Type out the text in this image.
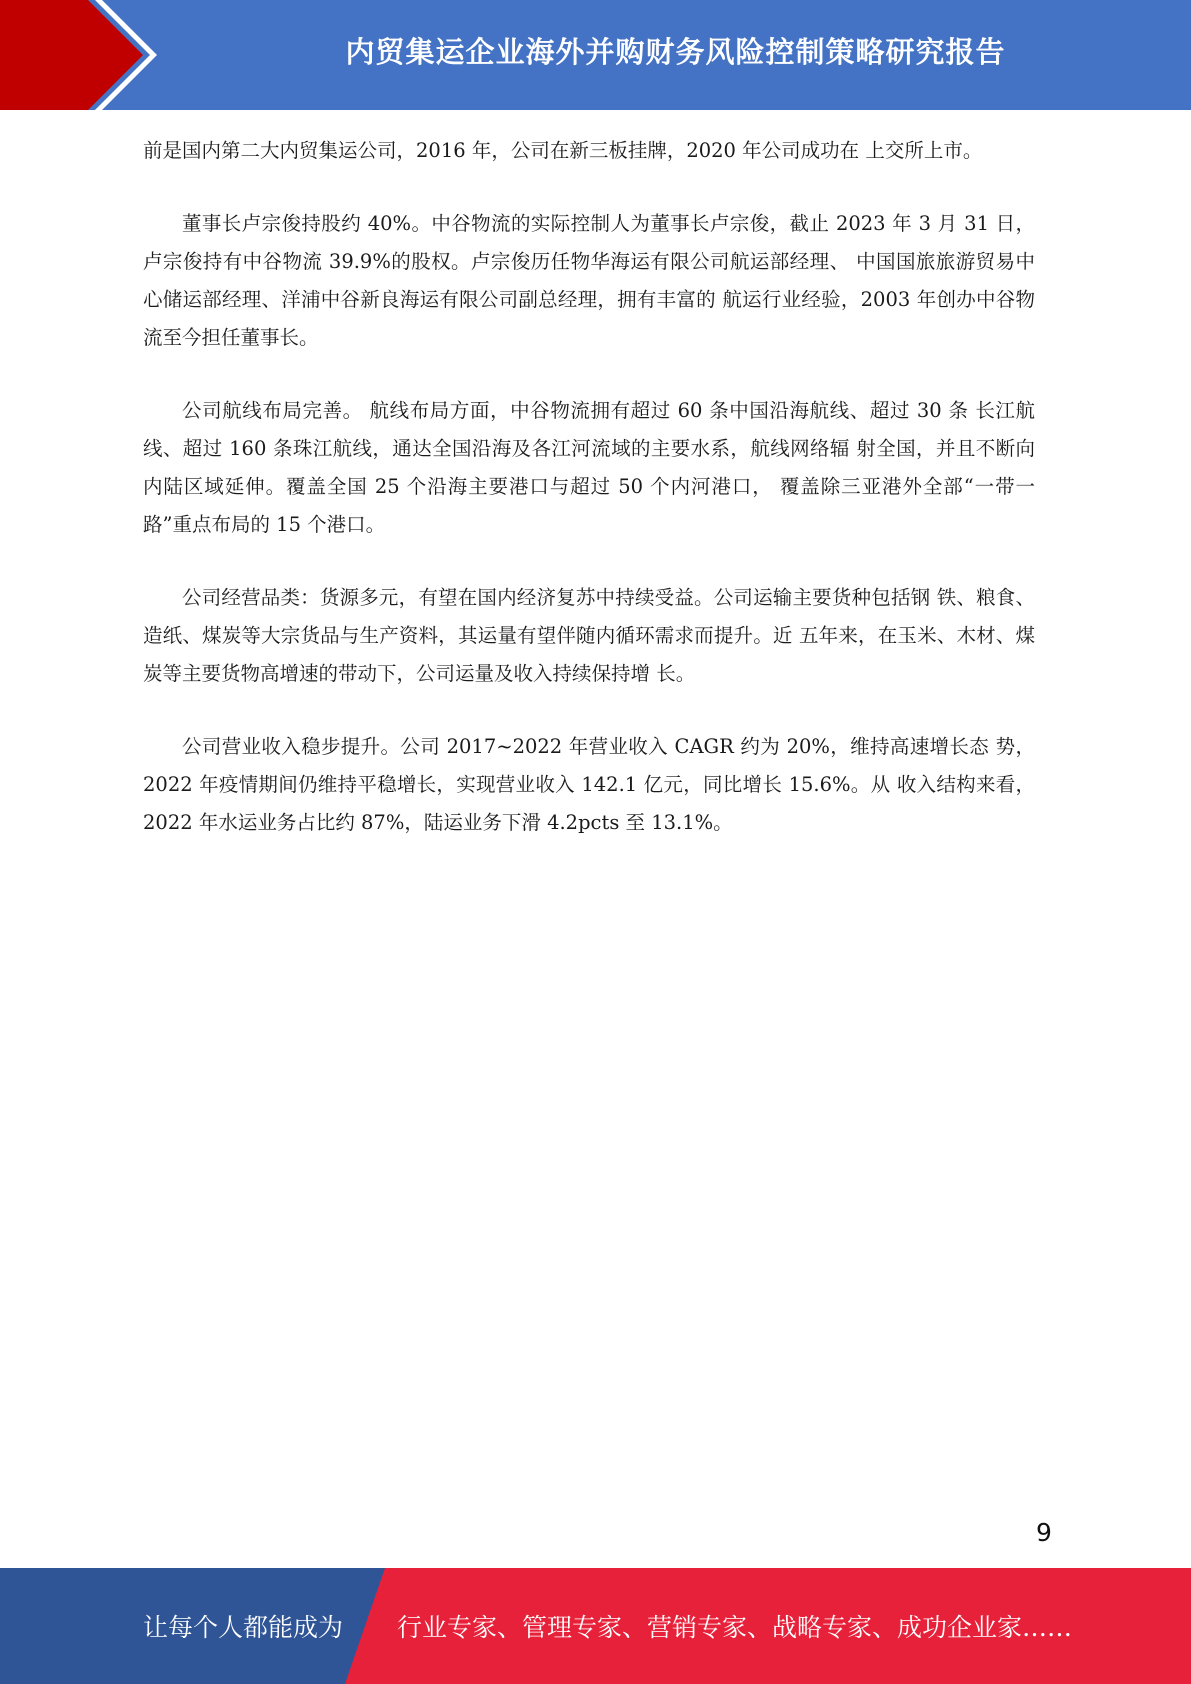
内贸集运企业海外并购财务风险控制策略研究报告

前是国内第二大内贸集运公司，2016 年，公司在新三板挂牌，2020 年公司成功在 上交所上市。

董事长卢宗俊持股约 40%。中谷物流的实际控制人为董事长卢宗俊，截止 2023 年 3 月 31 日，卢宗俊持有中谷物流 39.9%的股权。卢宗俊历任物华海运有限公司航运部经理、 中国国旅旅游贸易中心储运部经理、洋浦中谷新良海运有限公司副总经理，拥有丰富的 航运行业经验，2003 年创办中谷物流至今担任董事长。

公司航线布局完善。 航线布局方面，中谷物流拥有超过 60 条中国沿海航线、超过 30 条 长江航线、超过 160 条珠江航线，通达全国沿海及各江河流域的主要水系，航线网络辐 射全国，并且不断向内陆区域延伸。覆盖全国 25 个沿海主要港口与超过 50 个内河港口， 覆盖除三亚港外全部“一带一路”重点布局的 15 个港口。

公司经营品类：货源多元，有望在国内经济复苏中持续受益。公司运输主要货种包括钢 铁、粮食、造纸、煤炭等大宗货品与生产资料，其运量有望伴随内循环需求而提升。近 五年来，在玉米、木材、煤炭等主要货物高增速的带动下，公司运量及收入持续保持增 长。

公司营业收入稳步提升。公司 2017~2022 年营业收入 CAGR 约为 20%，维持高速增长态 势，2022 年疫情期间仍维持平稳增长，实现营业收入 142.1 亿元，同比增长 15.6%。从 收入结构来看，2022 年水运业务占比约 87%，陆运业务下滑 4.2pcts 至 13.1%。

9
让每个人都能成为 行业专家、管理专家、营销专家、战略专家、成功企业家……
